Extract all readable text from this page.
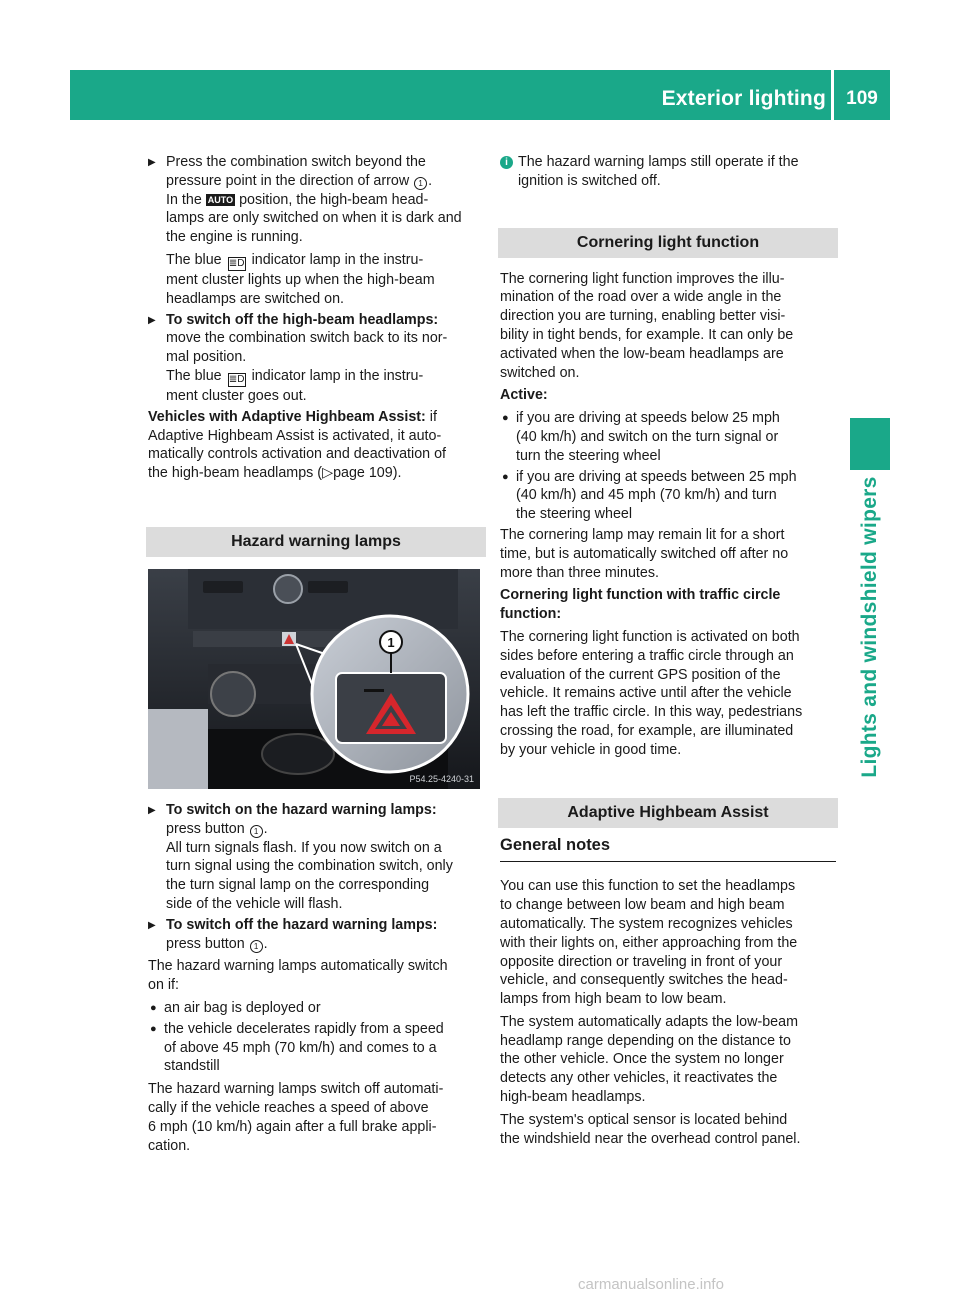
Exterior lighting	109
Lights and windshield wipers
▶ Press the combination switch beyond the
pressure point in the direction of arrow 1 .
In the AUTO position, the high-beam head-
lamps are only switched on when it is dark and
the engine is running.
The blue ≣D indicator lamp in the instru-
ment cluster lights up when the high-beam
headlamps are switched on.
▶ To switch off the high-beam headlamps:
move the combination switch back to its nor-
mal position.
The blue ≣D indicator lamp in the instru-
ment cluster goes out.

Vehicles with Adaptive Highbeam Assist: if
Adaptive Highbeam Assist is activated, it auto-
matically controls activation and deactivation of
the high-beam headlamps (▷page 109).

Hazard warning lamps
1
P54.25-4240-31
▶ To switch on the hazard warning lamps:
press button 1 .
All turn signals flash. If you now switch on a
turn signal using the combination switch, only
the turn signal lamp on the corresponding
side of the vehicle will flash.
▶ To switch off the hazard warning lamps:
press button 1 .

The hazard warning lamps automatically switch
on if:

● an air bag is deployed or
● the vehicle decelerates rapidly from a speed
of above 45 mph (70 km/h) and comes to a
standstill

The hazard warning lamps switch off automati-
cally if the vehicle reaches a speed of above
6 mph (10 km/h) again after a full brake appli-
cation.

i The hazard warning lamps still operate if the
ignition is switched off.
Cornering light function

The cornering light function improves the illu-
mination of the road over a wide angle in the
direction you are turning, enabling better visi-
bility in tight bends, for example. It can only be
activated when the low-beam headlamps are
switched on.

Active:

● if you are driving at speeds below 25 mph
(40 km/h) and switch on the turn signal or
turn the steering wheel
● if you are driving at speeds between 25 mph
(40 km/h) and 45 mph (70 km/h) and turn
the steering wheel

The cornering lamp may remain lit for a short
time, but is automatically switched off after no
more than three minutes.

Cornering light function with traffic circle
function:

The cornering light function is activated on both
sides before entering a traffic circle through an
evaluation of the current GPS position of the
vehicle. It remains active until after the vehicle
has left the traffic circle. In this way, pedestrians
crossing the road, for example, are illuminated
by your vehicle in good time.

Adaptive Highbeam Assist
General notes

You can use this function to set the headlamps
to change between low beam and high beam
automatically. The system recognizes vehicles
with their lights on, either approaching from the
opposite direction or traveling in front of your
vehicle, and consequently switches the head-
lamps from high beam to low beam.

The system automatically adapts the low-beam
headlamp range depending on the distance to
the other vehicle. Once the system no longer
detects any other vehicles, it reactivates the
high-beam headlamps.

The system's optical sensor is located behind
the windshield near the overhead control panel.

carmanualsonline.info
